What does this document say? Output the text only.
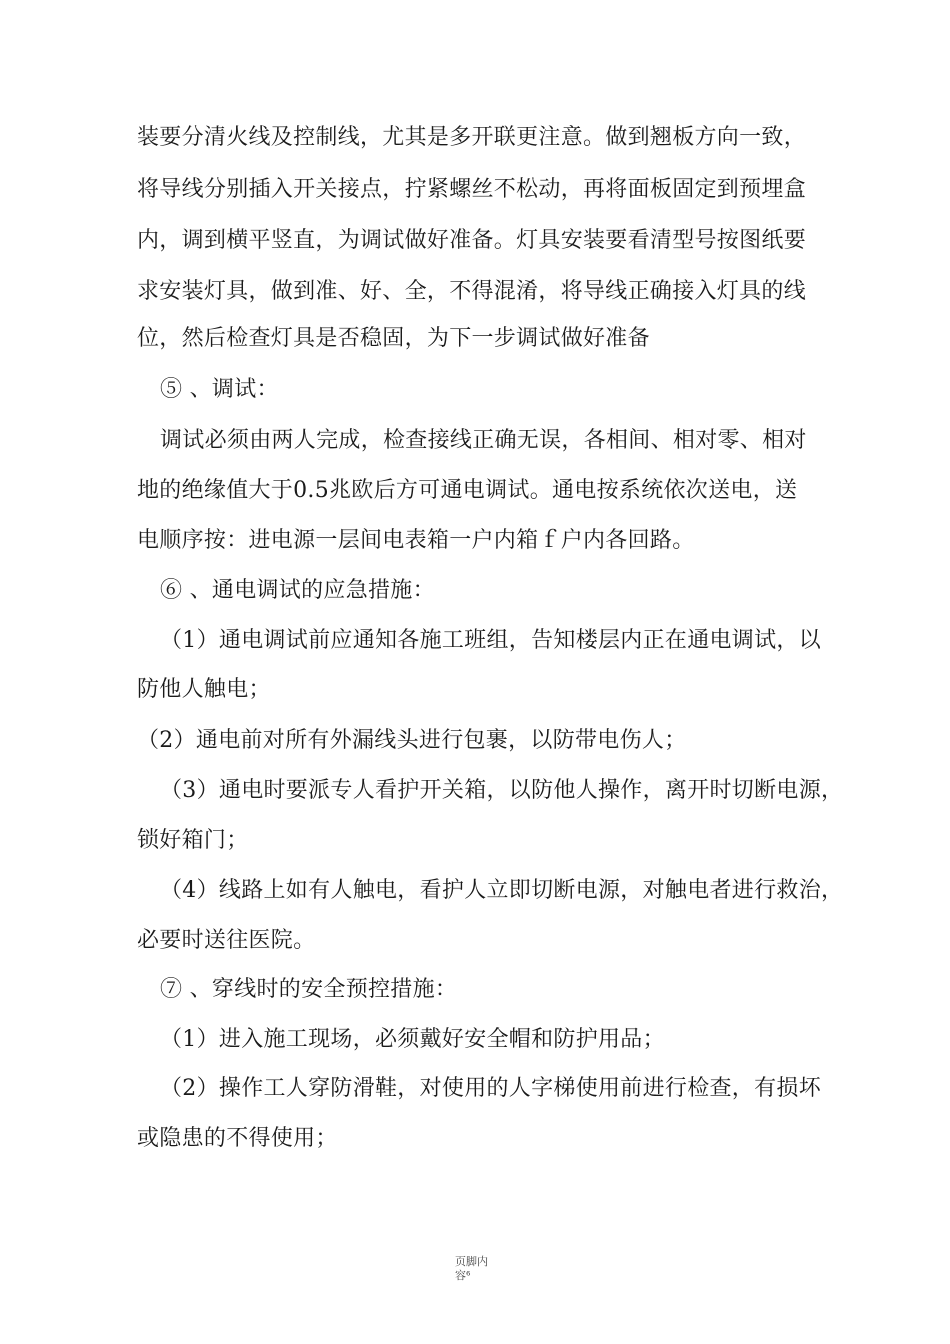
装要分清火线及控制线，尤其是多开联更注意。做到翘板方向一致，
将导线分别插入开关接点，拧紧螺丝不松动，再将面板固定到预埋盒
内，调到横平竖直，为调试做好准备。灯具安装要看清型号按图纸要
求安装灯具，做到准、好、全，不得混淆，将导线正确接入灯具的线
位，然后检查灯具是否稳固，为下一步调试做好准备
⑤ 、调试：
调试必须由两人完成，检查接线正确无误，各相间、相对零、相对
地的绝缘值大于0.5兆欧后方可通电调试。通电按系统依次送电，送
电顺序按：进电源一层间电表箱一户内箱ｆ户内各回路。
⑥ 、通电调试的应急措施：
（1）通电调试前应通知各施工班组，告知楼层内正在通电调试，以
防他人触电；
（2）通电前对所有外漏线头进行包裹，以防带电伤人；
（3）通电时要派专人看护开关箱，以防他人操作，离开时切断电源，
锁好箱门；
（4）线路上如有人触电，看护人立即切断电源，对触电者进行救治，
必要时送往医院。
⑦ 、穿线时的安全预控措施：
（1）进入施工现场，必须戴好安全帽和防护用品；
（2）操作工人穿防滑鞋，对使用的人字梯使用前进行检查，有损坏
或隐患的不得使用；
页脚内
容⁶
